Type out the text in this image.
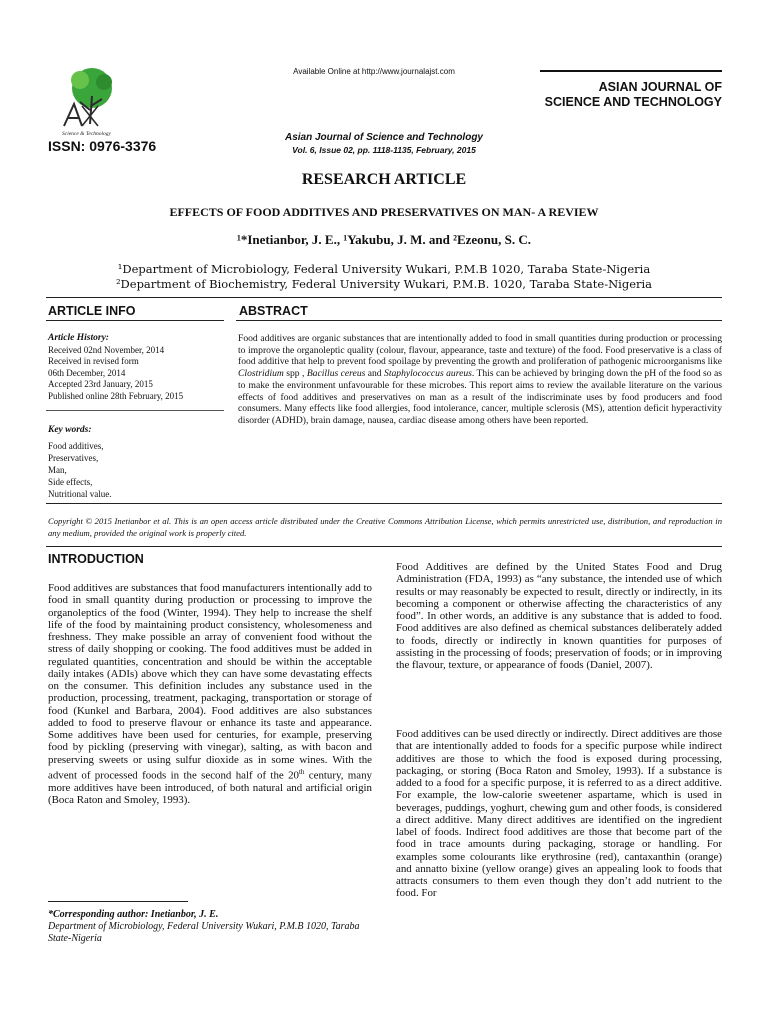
Science & Technology
ISSN: 0976-3376
Available Online at http://www.journalajst.com
ASIAN JOURNAL OF
SCIENCE AND TECHNOLOGY
Asian Journal of Science and Technology
Vol. 6, Issue 02, pp. 1118-1135, February, 2015
RESEARCH ARTICLE
EFFECTS OF FOOD ADDITIVES AND PRESERVATIVES ON MAN- A REVIEW
¹*Inetianbor, J. E., ¹Yakubu, J. M. and ²Ezeonu, S. C.
¹Department of Microbiology, Federal University Wukari, P.M.B 1020, Taraba State-Nigeria
²Department of Biochemistry, Federal University Wukari, P.M.B. 1020, Taraba State-Nigeria
ARTICLE INFO	ABSTRACT
Article History:
Received 02nd November, 2014
Received in revised form
06th December, 2014
Accepted 23rd January, 2015
Published online 28th February, 2015
Key words:
Food additives,
Preservatives,
Man,
Side effects,
Nutritional value.
Food additives are organic substances that are intentionally added to food in small quantities during production or processing to improve the organoleptic quality (colour, flavour, appearance, taste and texture) of the food. Food preservative is a class of food additive that help to prevent food spoilage by preventing the growth and proliferation of pathogenic microorganisms like Clostridium spp , Bacillus cereus and Staphylococcus aureus. This can be achieved by bringing down the pH of the food so as to make the environment unfavourable for these microbes. This report aims to review the available literature on the various effects of food additives and preservatives on man as a result of the indiscriminate uses by food producers and food consumers. Many effects like food allergies, food intolerance, cancer, multiple sclerosis (MS), attention deficit hyperactivity disorder (ADHD), brain damage, nausea, cardiac disease among others have been reported.
Copyright © 2015 Inetianbor et al. This is an open access article distributed under the Creative Commons Attribution License, which permits unrestricted use, distribution, and reproduction in any medium, provided the original work is properly cited.
INTRODUCTION
Food additives are substances that food manufacturers intentionally add to food in small quantity during production or processing to improve the organoleptics of the food (Winter, 1994). They help to increase the shelf life of the food by maintaining product consistency, wholesomeness and freshness. They make possible an array of convenient food without the stress of daily shopping or cooking. The food additives must be added in regulated quantities, concentration and should be within the acceptable daily intakes (ADIs) above which they can have some devastating effects on the consumer. This definition includes any substance used in the production, processing, treatment, packaging, transportation or storage of food (Kunkel and Barbara, 2004). Food additives are also substances added to food to preserve flavour or enhance its taste and appearance. Some additives have been used for centuries, for example, preserving food by pickling (preserving with vinegar), salting, as with bacon and preserving sweets or using sulfur dioxide as in some wines. With the advent of processed foods in the second half of the 20th century, many more additives have been introduced, of both natural and artificial origin (Boca Raton and Smoley, 1993).
Food Additives are defined by the United States Food and Drug Administration (FDA, 1993) as “any substance, the intended use of which results or may reasonably be expected to result, directly or indirectly, in its becoming a component or otherwise affecting the characteristics of any food”. In other words, an additive is any substance that is added to food. Food additives are also defined as chemical substances deliberately added to foods, directly or indirectly in known quantities for purposes of assisting in the processing of foods; preservation of foods; or in improving the flavour, texture, or appearance of foods (Daniel, 2007).
Food additives can be used directly or indirectly. Direct additives are those that are intentionally added to foods for a specific purpose while indirect additives are those to which the food is exposed during processing, packaging, or storing (Boca Raton and Smoley, 1993). If a substance is added to a food for a specific purpose, it is referred to as a direct additive. For example, the low-calorie sweetener aspartame, which is used in beverages, puddings, yoghurt, chewing gum and other foods, is considered a direct additive. Many direct additives are identified on the ingredient label of foods. Indirect food additives are those that become part of the food in trace amounts during packaging, storage or handling. For examples some colourants like erythrosine (red), cantaxanthin (orange) and annatto bixine (yellow orange) gives an appealing look to foods that attracts consumers to them even though they don’t add nutrient to the food. For
*Corresponding author: Inetianbor, J. E.
Department of Microbiology, Federal University Wukari, P.M.B 1020, Taraba State-Nigeria
